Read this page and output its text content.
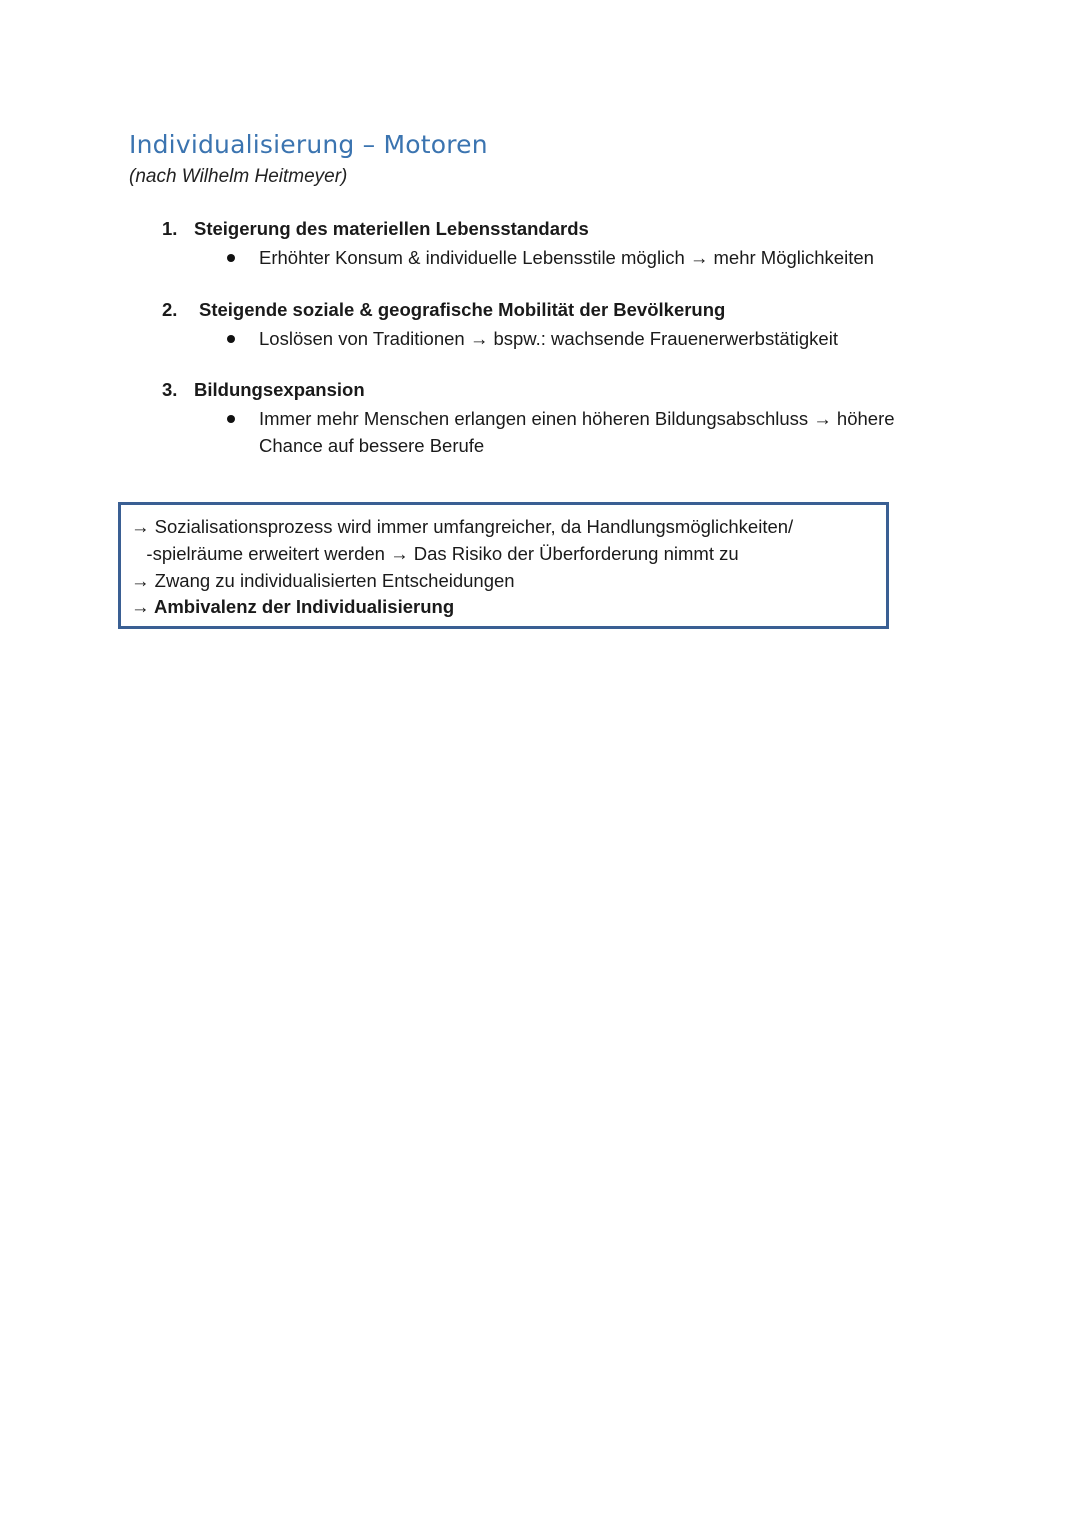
Individualisierung – Motoren
(nach Wilhelm Heitmeyer)
1. Steigerung des materiellen Lebensstandards
Erhöhter Konsum & individuelle Lebensstile möglich → mehr Möglichkeiten
2. Steigende soziale & geografische Mobilität der Bevölkerung
Loslösen von Traditionen → bspw.: wachsende Frauenerwerbstätigkeit
3. Bildungsexpansion
Immer mehr Menschen erlangen einen höheren Bildungsabschluss → höhere
Chance auf bessere Berufe
→ Sozialisationsprozess wird immer umfangreicher, da Handlungsmöglichkeiten/
-spielräume erweitert werden → Das Risiko der Überforderung nimmt zu
→ Zwang zu individualisierten Entscheidungen
→ Ambivalenz der Individualisierung
